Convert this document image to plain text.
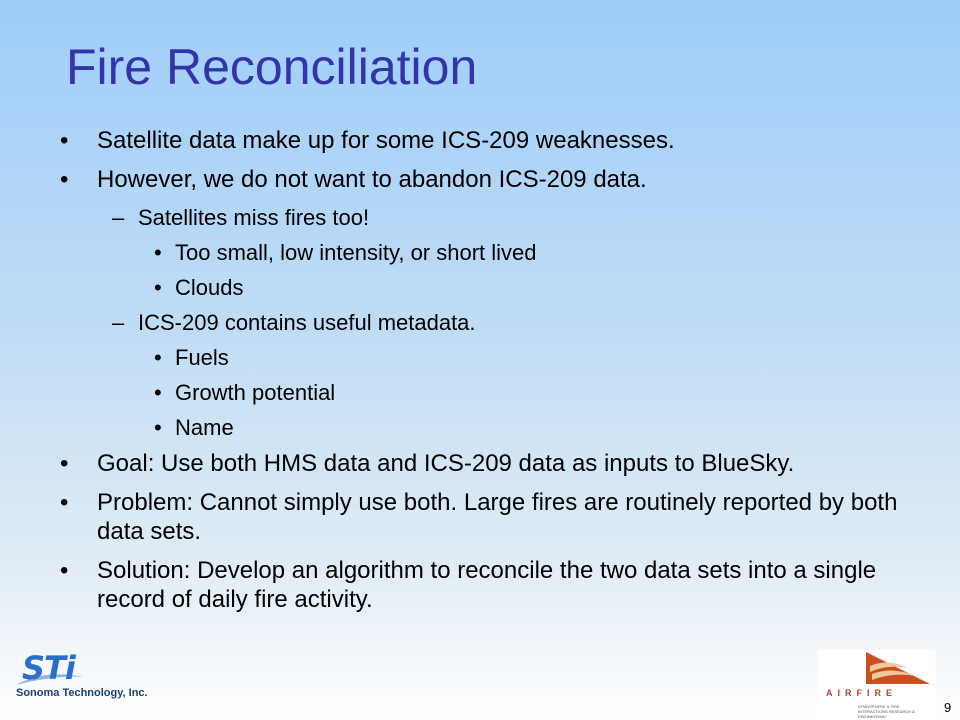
Fire Reconciliation
• Satellite data make up for some ICS-209 weaknesses.
• However, we do not want to abandon ICS-209 data.
– Satellites miss fires too!
• Too small, low intensity, or short lived
• Clouds
– ICS-209 contains useful metadata.
• Fuels
• Growth potential
• Name
• Goal: Use both HMS data and ICS-209 data as inputs to BlueSky.
• Problem: Cannot simply use both. Large fires are routinely reported by both data sets.
• Solution: Develop an algorithm to reconcile the two data sets into a single record of daily fire activity.
STi
Sonoma Technology, Inc.	AIRFIRE
ATMOSPHERE & FIRE INTERACTIONS RESEARCH & ENGINEERING
9
